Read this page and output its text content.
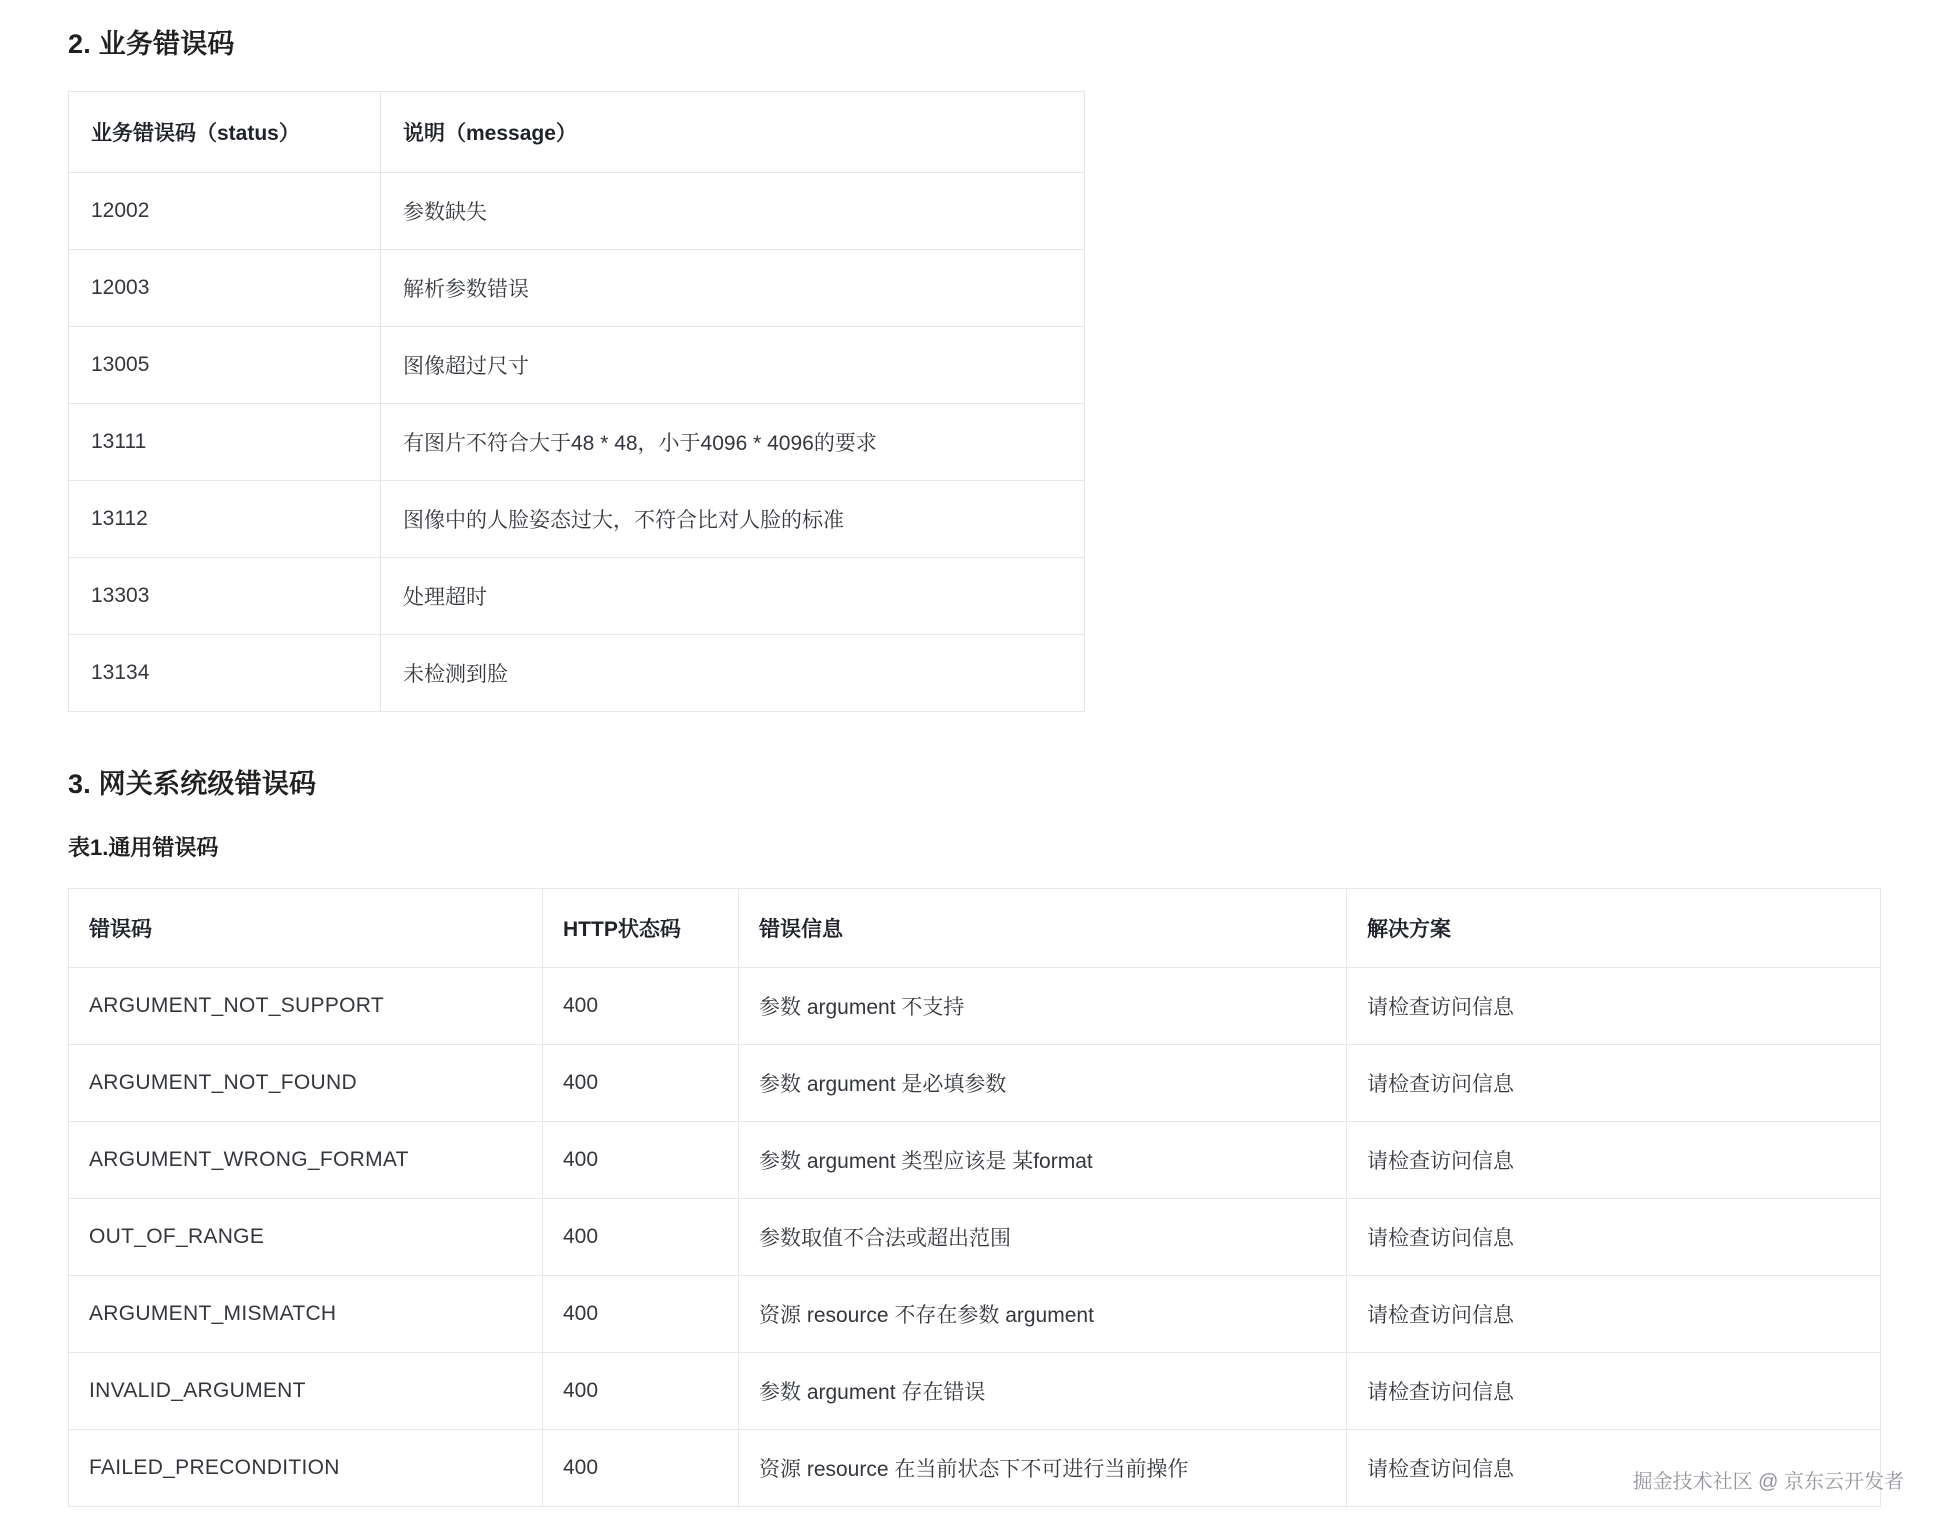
2. 业务错误码
业务错误码（status）	说明（message）
12002	参数缺失
12003	解析参数错误
13005	图像超过尺寸
13111	有图片不符合大于48 * 48，小于4096 * 4096的要求
13112	图像中的人脸姿态过大，不符合比对人脸的标准
13303	处理超时
13134	未检测到脸
3. 网关系统级错误码
表1.通用错误码
错误码	HTTP状态码	错误信息	解决方案
ARGUMENT_NOT_SUPPORT	400	参数 argument 不支持	请检查访问信息
ARGUMENT_NOT_FOUND	400	参数 argument 是必填参数	请检查访问信息
ARGUMENT_WRONG_FORMAT	400	参数 argument 类型应该是 某format	请检查访问信息
OUT_OF_RANGE	400	参数取值不合法或超出范围	请检查访问信息
ARGUMENT_MISMATCH	400	资源 resource 不存在参数 argument	请检查访问信息
INVALID_ARGUMENT	400	参数 argument 存在错误	请检查访问信息
FAILED_PRECONDITION	400	资源 resource 在当前状态下不可进行当前操作	请检查访问信息
掘金技术社区 @ 京东云开发者
